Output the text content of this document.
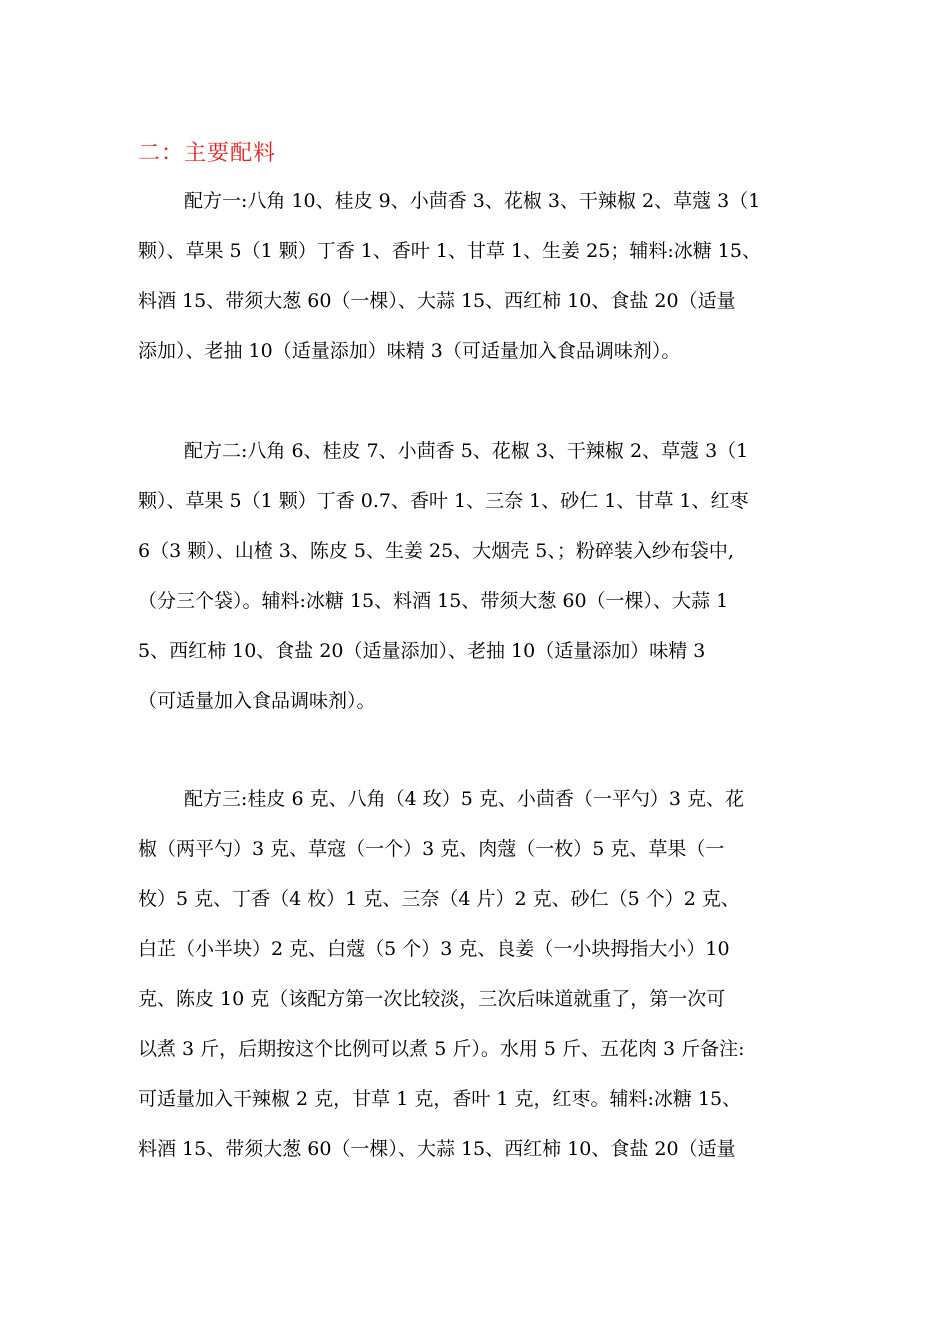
二：主要配料
配方一:八角 10、桂皮 9、小茴香 3、花椒 3、干辣椒 2、草蔻 3（1
颗）、草果 5（1 颗）丁香 1、香叶 1、甘草 1、生姜 25；辅料:冰糖 15、
料酒 15、带须大葱 60（一棵）、大蒜 15、西红柿 10、食盐 20（适量
添加）、老抽 10（适量添加）味精 3（可适量加入食品调味剂）。
配方二:八角 6、桂皮 7、小茴香 5、花椒 3、干辣椒 2、草蔻 3（1
颗）、草果 5（1 颗）丁香 0.7、香叶 1、三奈 1、砂仁 1、甘草 1、红枣
6（3 颗）、山楂 3、陈皮 5、生姜 25、大烟壳 5、；粉碎装入纱布袋中,
（分三个袋）。辅料:冰糖 15、料酒 15、带须大葱 60（一棵）、大蒜 1
5、西红柿 10、食盐 20（适量添加）、老抽 10（适量添加）味精 3
（可适量加入食品调味剂）。
配方三:桂皮 6 克、八角（4 玫）5 克、小茴香（一平勺）3 克、花
椒（两平勺）3 克、草寇（一个）3 克、肉蔻（一枚）5 克、草果（一
枚）5 克、丁香（4 枚）1 克、三奈（4 片）2 克、砂仁（5 个）2 克、
白芷（小半块）2 克、白蔻（5 个）3 克、良姜（一小块拇指大小）10
克、陈皮 10 克（该配方第一次比较淡，三次后味道就重了，第一次可
以煮 3 斤，后期按这个比例可以煮 5 斤）。水用 5 斤、五花肉 3 斤备注:
可适量加入干辣椒 2 克，甘草 1 克，香叶 1 克，红枣。辅料:冰糖 15、
料酒 15、带须大葱 60（一棵）、大蒜 15、西红柿 10、食盐 20（适量
